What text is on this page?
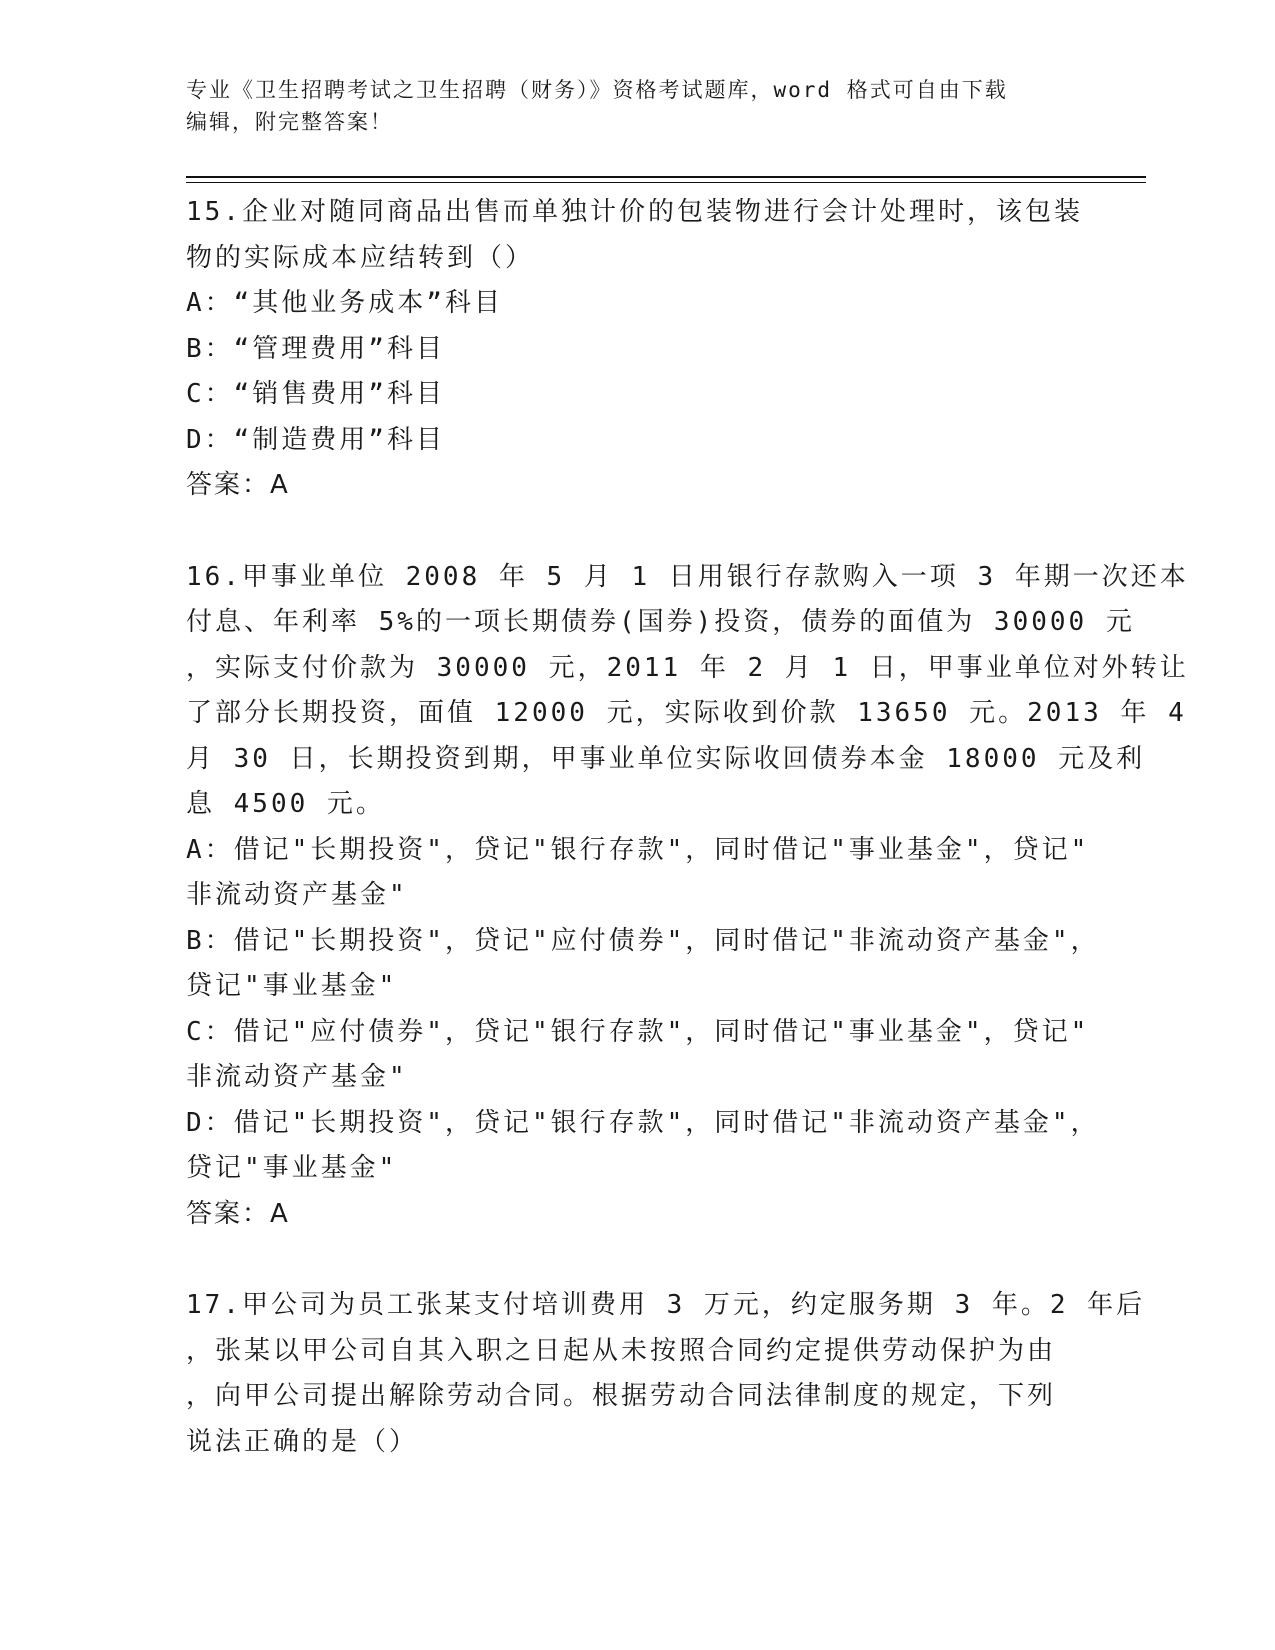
专业《卫生招聘考试之卫生招聘（财务）》资格考试题库，word 格式可自由下载
编辑，附完整答案！
15.企业对随同商品出售而单独计价的包装物进行会计处理时，该包装
物的实际成本应结转到（）
A：“其他业务成本”科目
B：“管理费用”科目
C：“销售费用”科目
D：“制造费用”科目
答案：A
16.甲事业单位 2008 年 5 月 1 日用银行存款购入一项 3 年期一次还本
付息、年利率 5%的一项长期债券(国券)投资，债券的面值为 30000 元
，实际支付价款为 30000 元，2011 年 2 月 1 日，甲事业单位对外转让
了部分长期投资，面值 12000 元，实际收到价款 13650 元。2013 年 4
月 30 日，长期投资到期，甲事业单位实际收回债券本金 18000 元及利
息 4500 元。
A：借记"长期投资"，贷记"银行存款"，同时借记"事业基金"，贷记"
非流动资产基金"
B：借记"长期投资"，贷记"应付债券"，同时借记"非流动资产基金"，
贷记"事业基金"
C：借记"应付债券"，贷记"银行存款"，同时借记"事业基金"，贷记"
非流动资产基金"
D：借记"长期投资"，贷记"银行存款"，同时借记"非流动资产基金"，
贷记"事业基金"
答案：A
17.甲公司为员工张某支付培训费用 3 万元，约定服务期 3 年。2 年后
，张某以甲公司自其入职之日起从未按照合同约定提供劳动保护为由
，向甲公司提出解除劳动合同。根据劳动合同法律制度的规定，下列
说法正确的是（）
